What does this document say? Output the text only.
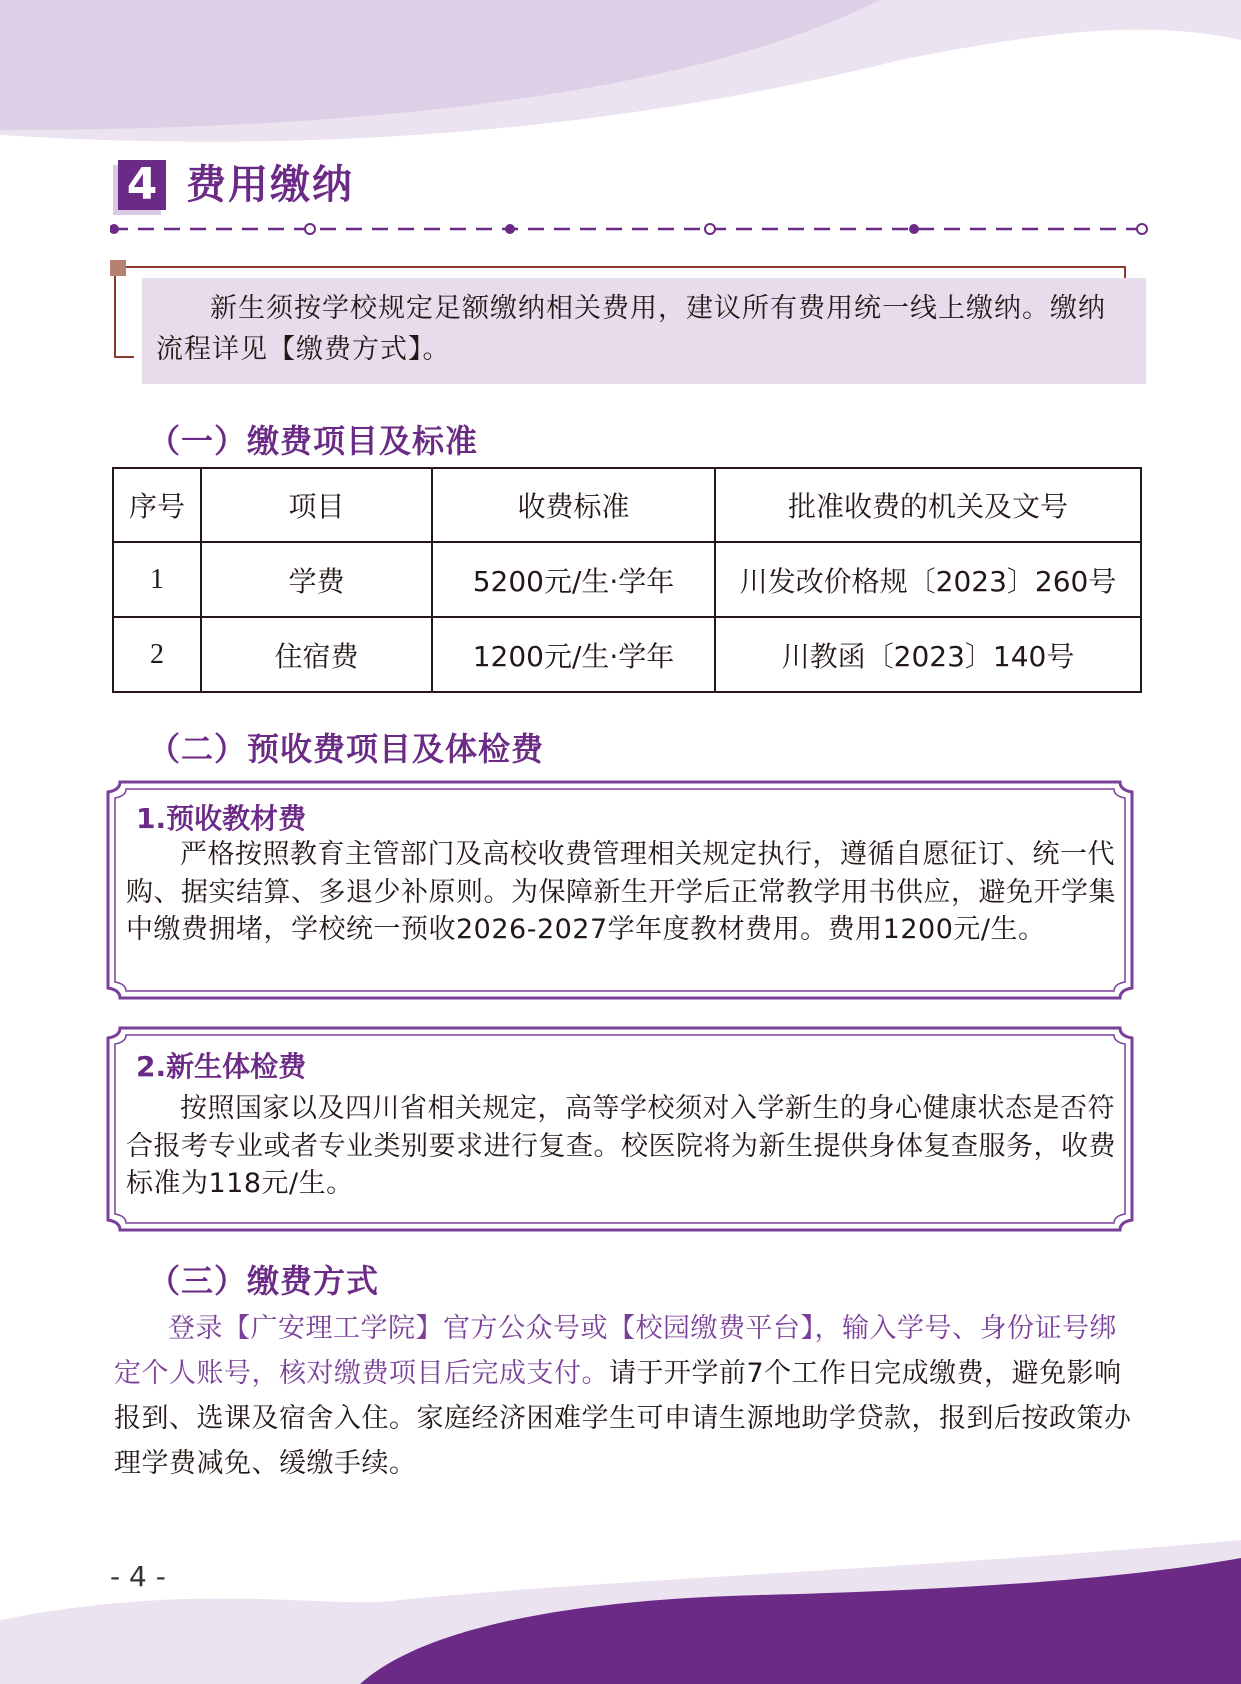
4 费用缴纳
新生须按学校规定足额缴纳相关费用，建议所有费用统一线上缴纳。缴纳流程详见【缴费方式】。
（一）缴费项目及标准
序号	项目	收费标准	批准收费的机关及文号
1	学费	5200元/生·学年	川发改价格规〔2023〕260号
2	住宿费	1200元/生·学年	川教函〔2023〕140号
（二）预收费项目及体检费
1.预收教材费
严格按照教育主管部门及高校收费管理相关规定执行，遵循自愿征订、统一代购、据实结算、多退少补原则。为保障新生开学后正常教学用书供应，避免开学集中缴费拥堵，学校统一预收2026-2027学年度教材费用。费用1200元/生。
2.新生体检费
按照国家以及四川省相关规定，高等学校须对入学新生的身心健康状态是否符合报考专业或者专业类别要求进行复查。校医院将为新生提供身体复查服务，收费标准为118元/生。
（三）缴费方式
登录【广安理工学院】官方公众号或【校园缴费平台】，输入学号、身份证号绑定个人账号，核对缴费项目后完成支付。请于开学前7个工作日完成缴费，避免影响报到、选课及宿舍入住。家庭经济困难学生可申请生源地助学贷款，报到后按政策办理学费减免、缓缴手续。
- 4 -
